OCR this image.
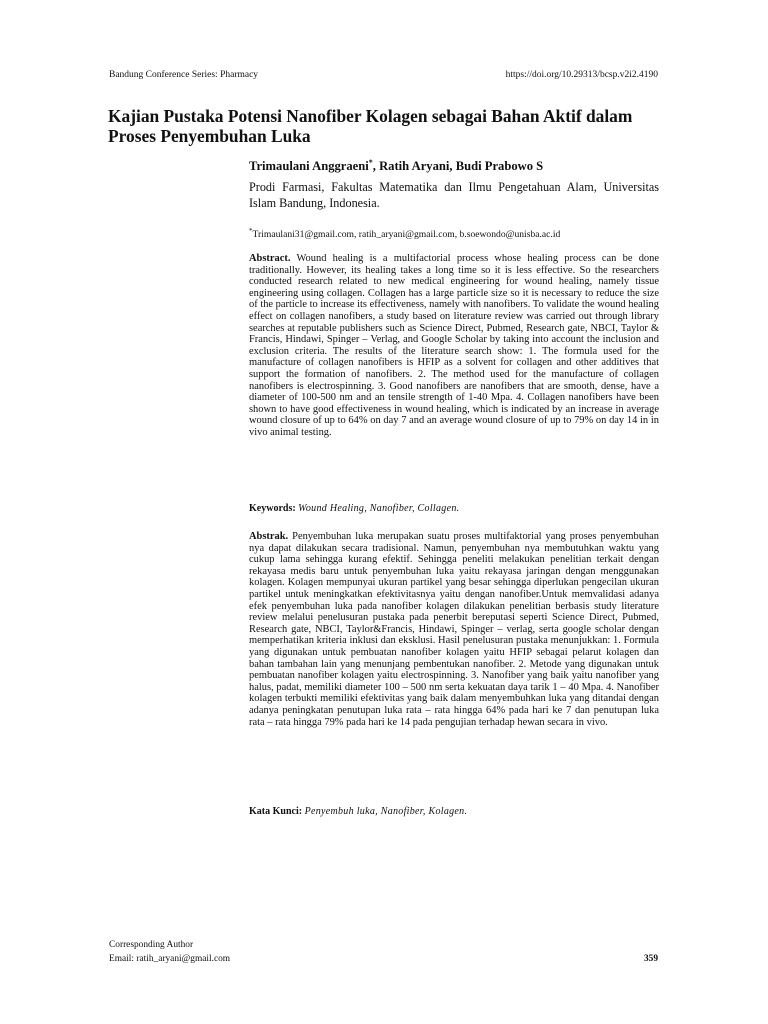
Bandung Conference Series: Pharmacy	https://doi.org/10.29313/bcsp.v2i2.4190
Kajian Pustaka Potensi Nanofiber Kolagen sebagai Bahan Aktif dalam Proses Penyembuhan Luka
Trimaulani Anggraeni*, Ratih Aryani, Budi Prabowo S
Prodi Farmasi, Fakultas Matematika dan Ilmu Pengetahuan Alam, Universitas Islam Bandung, Indonesia.
*Trimaulani31@gmail.com, ratih_aryani@gmail.com, b.soewondo@unisba.ac.id

Abstract. Wound healing is a multifactorial process whose healing process can be done traditionally. However, its healing takes a long time so it is less effective. So the researchers conducted research related to new medical engineering for wound healing, namely tissue engineering using collagen. Collagen has a large particle size so it is necessary to reduce the size of the particle to increase its effectiveness, namely with nanofibers. To validate the wound healing effect on collagen nanofibers, a study based on literature review was carried out through library searches at reputable publishers such as Science Direct, Pubmed, Research gate, NBCI, Taylor & Francis, Hindawi, Spinger – Verlag, and Google Scholar by taking into account the inclusion and exclusion criteria. The results of the literature search show: 1. The formula used for the manufacture of collagen nanofibers is HFIP as a solvent for collagen and other additives that support the formation of nanofibers. 2. The method used for the manufacture of collagen nanofibers is electrospinning. 3. Good nanofibers are nanofibers that are smooth, dense, have a diameter of 100-500 nm and an tensile strength of 1-40 Mpa. 4. Collagen nanofibers have been shown to have good effectiveness in wound healing, which is indicated by an increase in average wound closure of up to 64% on day 7 and an average wound closure of up to 79% on day 14 in in vivo animal testing.

Keywords: Wound Healing, Nanofiber, Collagen.

Abstrak. Penyembuhan luka merupakan suatu proses multifaktorial yang proses penyembuhan nya dapat dilakukan secara tradisional. Namun, penyembuhan nya membutuhkan waktu yang cukup lama sehingga kurang efektif. Sehingga peneliti melakukan penelitian terkait dengan rekayasa medis baru untuk penyembuhan luka yaitu rekayasa jaringan dengan menggunakan kolagen. Kolagen mempunyai ukuran partikel yang besar sehingga diperlukan pengecilan ukuran partikel untuk meningkatkan efektivitasnya yaitu dengan nanofiber.Untuk memvalidasi adanya efek penyembuhan luka pada nanofiber kolagen dilakukan penelitian berbasis study literature review melalui penelusuran pustaka pada penerbit bereputasi seperti Science Direct, Pubmed, Research gate, NBCI, Taylor&Francis, Hindawi, Spinger – verlag, serta google scholar dengan memperhatikan kriteria inklusi dan eksklusi. Hasil penelusuran pustaka menunjukkan: 1. Formula yang digunakan untuk pembuatan nanofiber kolagen yaitu HFIP sebagai pelarut kolagen dan bahan tambahan lain yang menunjang pembentukan nanofiber. 2. Metode yang digunakan untuk pembuatan nanofiber kolagen yaitu electrospinning. 3. Nanofiber yang baik yaitu nanofiber yang halus, padat, memiliki diameter 100 – 500 nm serta kekuatan daya tarik 1 – 40 Mpa. 4. Nanofiber kolagen terbukti memiliki efektivitas yang baik dalam menyembuhkan luka yang ditandai dengan adanya peningkatan penutupan luka rata – rata hingga 64% pada hari ke 7 dan penutupan luka rata – rata hingga 79% pada hari ke 14 pada pengujian terhadap hewan secara in vivo.

Kata Kunci: Penyembuh luka, Nanofiber, Kolagen.
Corresponding Author
Email: ratih_aryani@gmail.com	359
